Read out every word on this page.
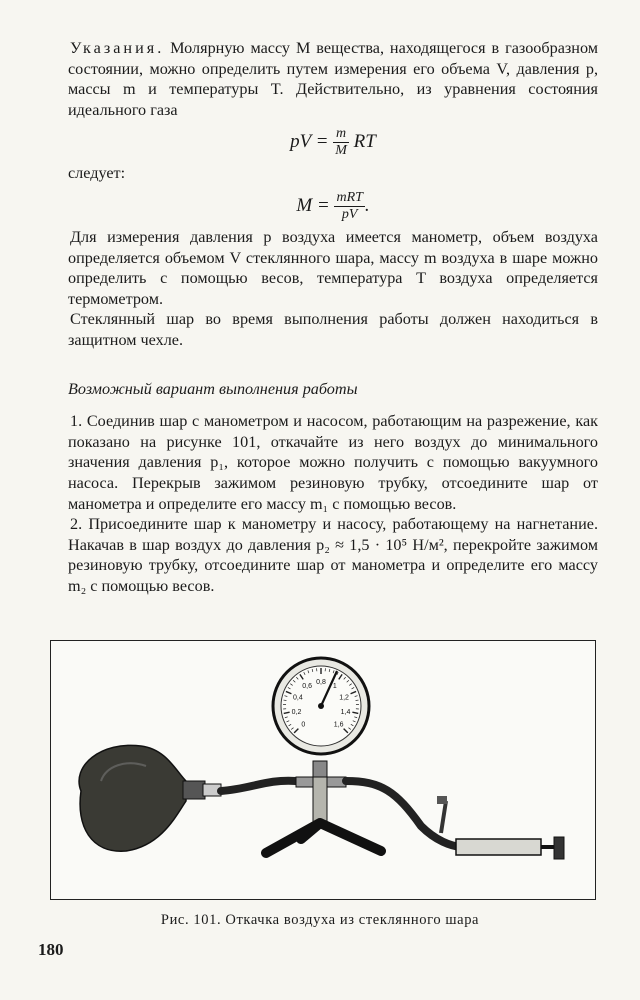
Указания. Молярную массу M вещества, находящегося в газообразном состоянии, можно определить путем измерения его объема V, давления p, массы m и температуры T. Действительно, из уравнения состояния идеального газа

pV = $\frac{m}{M}$ RT

следует:

$M = \frac{\text{mRT}}{pV}$ .

Для измерения давления p воздуха имеется манометр, объем воздуха определяется объемом V стеклянного шара, массу m воздуха в шаре можно определить с помощью весов, температура T воздуха определяется термометром.

Стеклянный шар во время выполнения работы должен находиться в защитном чехле.

Возможный вариант выполнения работы

1. Соединив шар с манометром и насосом, работающим на разрежение, как показано на рисунке 101, откачайте из него воздух до минимального значения давления p₁, которое можно получить с помощью вакуумного насоса. Перекрыв зажимом резиновую трубку, отсоедините шар от манометра и определите его массу m₁ с помощью весов.

2. Присоедините шар к манометру и насосу, работающему на нагнетание. Накачав в шар воздух до давления p₂ ≈ 1,5 · 10⁵ Н/м², перекройте зажимом резиновую трубку, отсоедините шар от манометра и определите его массу m₂ с помощью весов.

0
0,2
0,4
0,6
0,8
1
1,2
1,4
1,6
Рис. 101. Откачка воздуха из стеклянного шара
180
